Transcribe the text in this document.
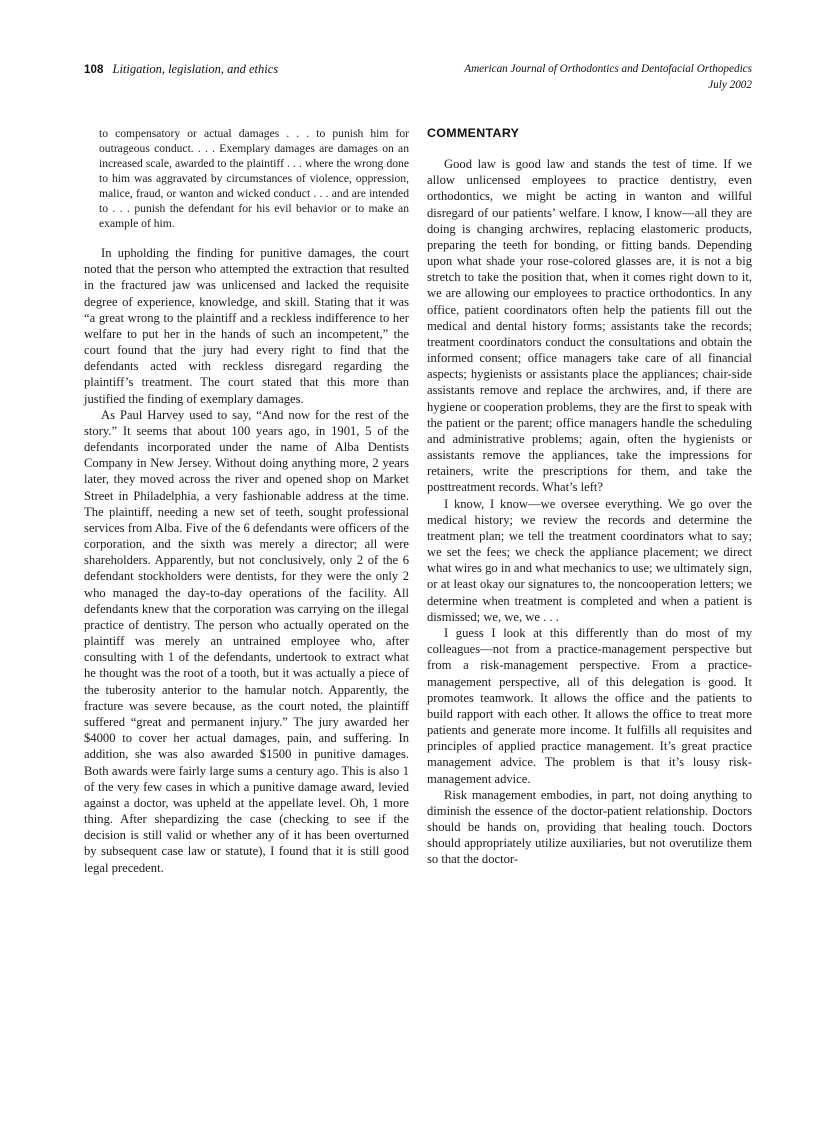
108 Litigation, legislation, and ethics	American Journal of Orthodontics and Dentofacial Orthopedics
July 2002

to compensatory or actual damages . . . to punish him for outrageous conduct. . . . Exemplary damages are damages on an increased scale, awarded to the plaintiff . . . where the wrong done to him was aggravated by circumstances of violence, oppression, malice, fraud, or wanton and wicked conduct . . . and are intended to . . . punish the defendant for his evil behavior or to make an example of him.

In upholding the finding for punitive damages, the court noted that the person who attempted the extraction that resulted in the fractured jaw was unlicensed and lacked the requisite degree of experience, knowledge, and skill. Stating that it was “a great wrong to the plaintiff and a reckless indifference to her welfare to put her in the hands of such an incompetent,” the court found that the jury had every right to find that the defendants acted with reckless disregard regarding the plaintiff’s treatment. The court stated that this more than justified the finding of exemplary damages.

As Paul Harvey used to say, “And now for the rest of the story.” It seems that about 100 years ago, in 1901, 5 of the defendants incorporated under the name of Alba Dentists Company in New Jersey. Without doing anything more, 2 years later, they moved across the river and opened shop on Market Street in Philadelphia, a very fashionable address at the time. The plaintiff, needing a new set of teeth, sought professional services from Alba. Five of the 6 defendants were officers of the corporation, and the sixth was merely a director; all were shareholders. Apparently, but not conclusively, only 2 of the 6 defendant stockholders were dentists, for they were the only 2 who managed the day-to-day operations of the facility. All defendants knew that the corporation was carrying on the illegal practice of dentistry. The person who actually operated on the plaintiff was merely an untrained employee who, after consulting with 1 of the defendants, undertook to extract what he thought was the root of a tooth, but it was actually a piece of the tuberosity anterior to the hamular notch. Apparently, the fracture was severe because, as the court noted, the plaintiff suffered “great and permanent injury.” The jury awarded her $4000 to cover her actual damages, pain, and suffering. In addition, she was also awarded $1500 in punitive damages. Both awards were fairly large sums a century ago. This is also 1 of the very few cases in which a punitive damage award, levied against a doctor, was upheld at the appellate level. Oh, 1 more thing. After shepardizing the case (checking to see if the decision is still valid or whether any of it has been overturned by subsequent case law or statute), I found that it is still good legal precedent.

COMMENTARY

Good law is good law and stands the test of time. If we allow unlicensed employees to practice dentistry, even orthodontics, we might be acting in wanton and willful disregard of our patients’ welfare. I know, I know—all they are doing is changing archwires, replacing elastomeric products, preparing the teeth for bonding, or fitting bands. Depending upon what shade your rose-colored glasses are, it is not a big stretch to take the position that, when it comes right down to it, we are allowing our employees to practice orthodontics. In any office, patient coordinators often help the patients fill out the medical and dental history forms; assistants take the records; treatment coordinators conduct the consultations and obtain the informed consent; office managers take care of all financial aspects; hygienists or assistants place the appliances; chair-side assistants remove and replace the archwires, and, if there are hygiene or cooperation problems, they are the first to speak with the patient or the parent; office managers handle the scheduling and administrative problems; again, often the hygienists or assistants remove the appliances, take the impressions for retainers, write the prescriptions for them, and take the posttreatment records. What’s left?

I know, I know—we oversee everything. We go over the medical history; we review the records and determine the treatment plan; we tell the treatment coordinators what to say; we set the fees; we check the appliance placement; we direct what wires go in and what mechanics to use; we ultimately sign, or at least okay our signatures to, the noncooperation letters; we determine when treatment is completed and when a patient is dismissed; we, we, we . . .

I guess I look at this differently than do most of my colleagues—not from a practice-management perspective but from a risk-management perspective. From a practice-management perspective, all of this delegation is good. It promotes teamwork. It allows the office and the patients to build rapport with each other. It allows the office to treat more patients and generate more income. It fulfills all requisites and principles of applied practice management. It’s great practice management advice. The problem is that it’s lousy risk-management advice.

Risk management embodies, in part, not doing anything to diminish the essence of the doctor-patient relationship. Doctors should be hands on, providing that healing touch. Doctors should appropriately utilize auxiliaries, but not overutilize them so that the doctor-
